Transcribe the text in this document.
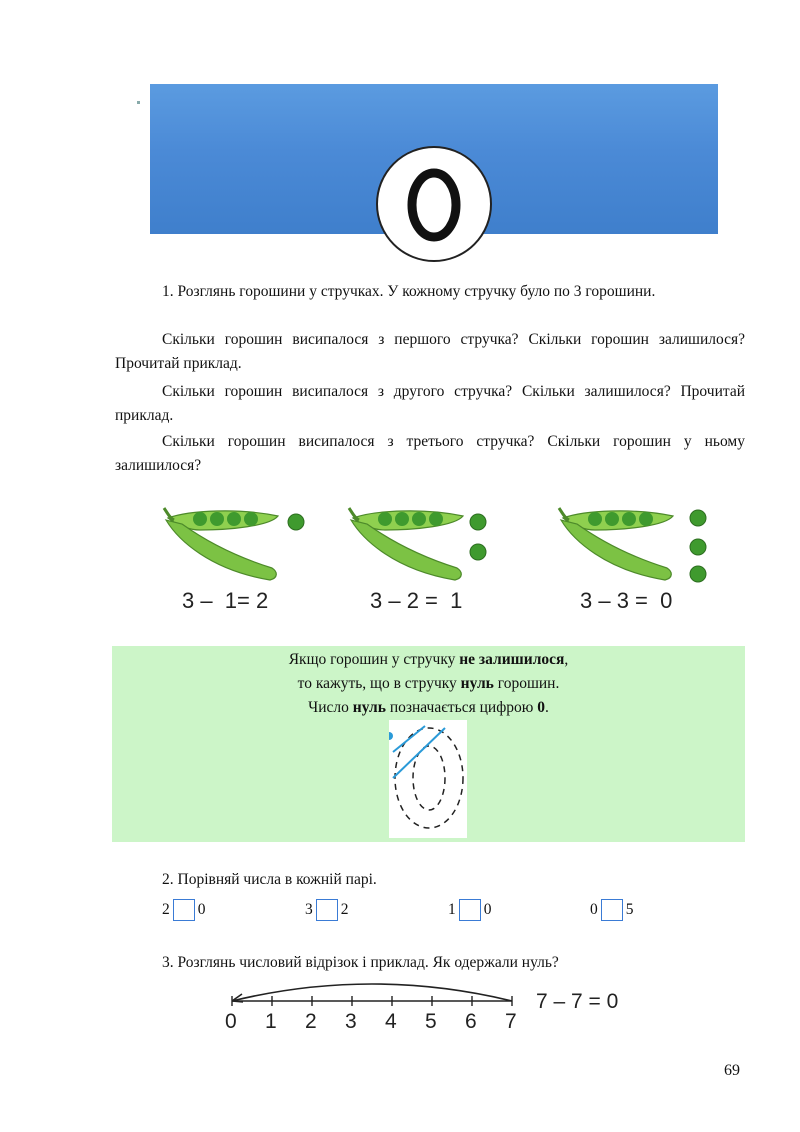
1. Розглянь горошини у стручках. У кожному стручку було по 3 горошини.
Скільки горошин висипалося з першого стручка? Скільки горошин залишилося? Прочитай приклад.
Скільки горошин висипалося з другого стручка? Скільки залишилося? Прочитай приклад.
Скільки горошин висипалося з третього стручка? Скільки горошин у ньому залишилося?
3 –  1= 2	3 – 2 =  1	3 – 3 =  0
Якщо горошин у стручку не залишилося,
то кажуть, що в стручку нуль горошин.
Число нуль позначається цифрою 0.
2. Порівняй числа в кожній парі.
2 0	3 2	1 0	0 5
3. Розглянь числовий відрізок і приклад. Як одержали нуль?
0 1 2 3 4 5 6 7
7 – 7 = 0
69
